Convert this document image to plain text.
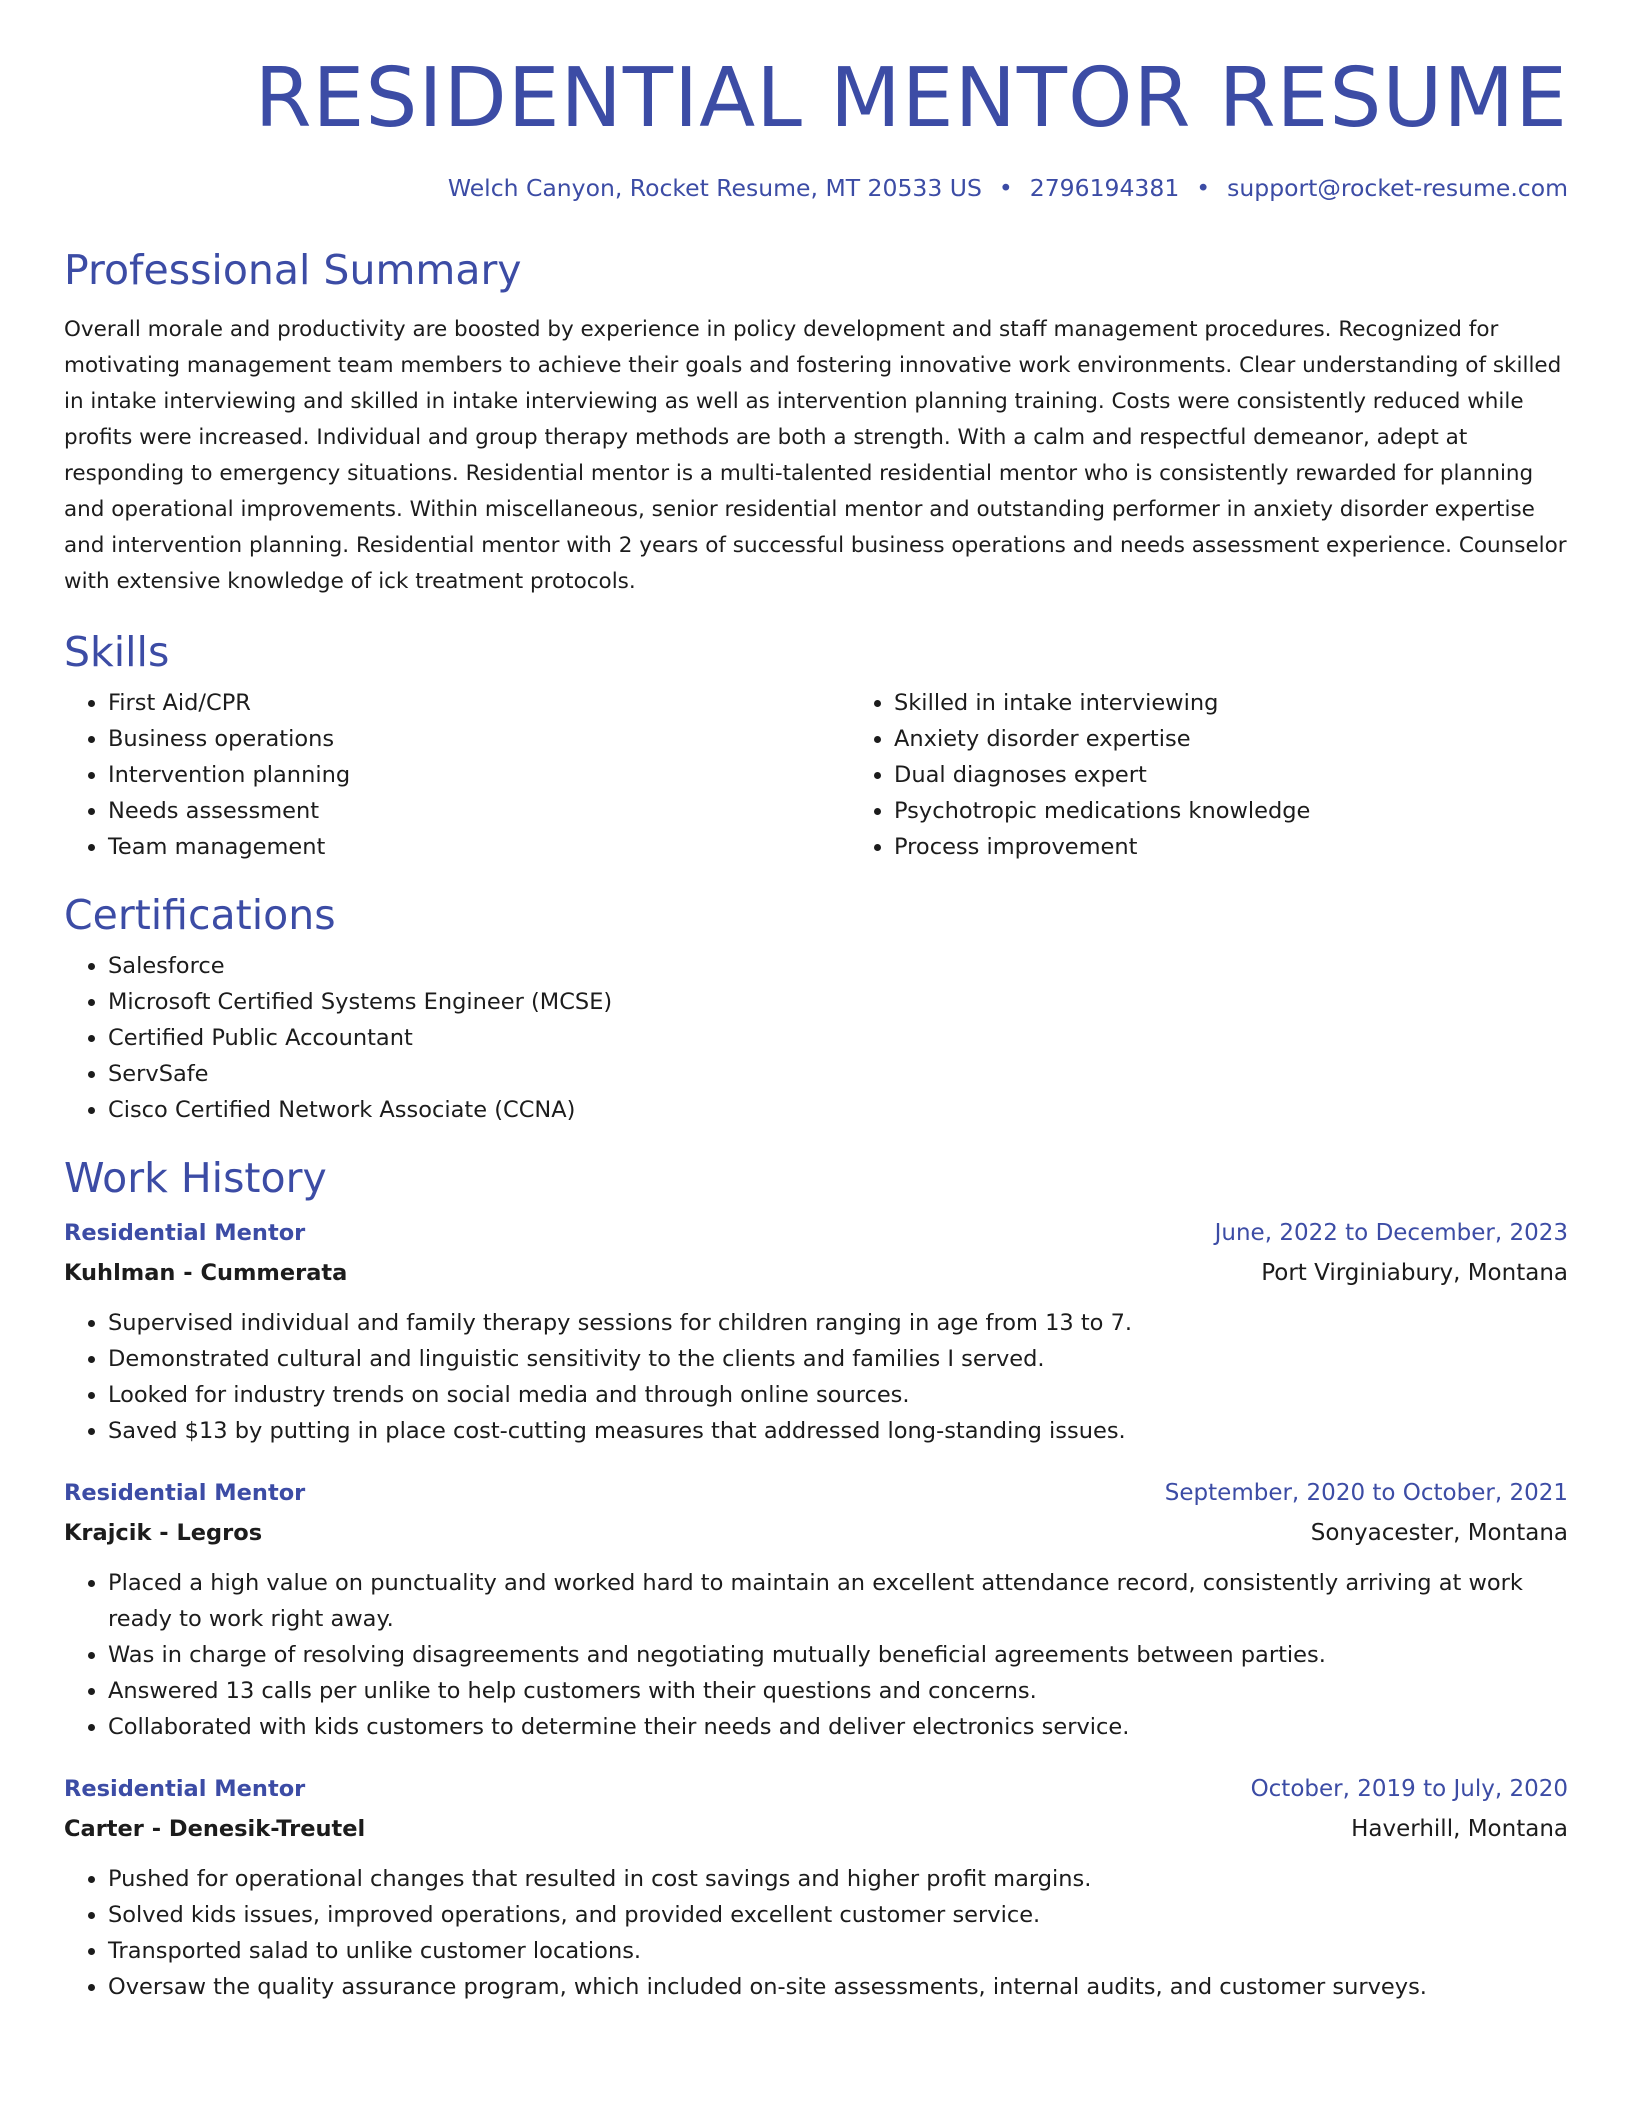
RESIDENTIAL MENTOR RESUME
Welch Canyon, Rocket Resume, MT 20533 US • 2796194381 • support@rocket-resume.com
Professional Summary

Overall morale and productivity are boosted by experience in policy development and staff management procedures. Recognized for motivating management team members to achieve their goals and fostering innovative work environments. Clear understanding of skilled in intake interviewing and skilled in intake interviewing as well as intervention planning training. Costs were consistently reduced while profits were increased. Individual and group therapy methods are both a strength. With a calm and respectful demeanor, adept at responding to emergency situations. Residential mentor is a multi-talented residential mentor who is consistently rewarded for planning and operational improvements. Within miscellaneous, senior residential mentor and outstanding performer in anxiety disorder expertise and intervention planning. Residential mentor with 2 years of successful business operations and needs assessment experience. Counselor with extensive knowledge of ick treatment protocols.

Skills
• First Aid/CPR
• Business operations
• Intervention planning
• Needs assessment
• Team management
• Skilled in intake interviewing
• Anxiety disorder expertise
• Dual diagnoses expert
• Psychotropic medications knowledge
• Process improvement
Certifications
• Salesforce
• Microsoft Certified Systems Engineer (MCSE)
• Certified Public Accountant
• ServSafe
• Cisco Certified Network Associate (CCNA)
Work History
Residential Mentor	June, 2022 to December, 2023
Kuhlman - Cummerata	Port Virginiabury, Montana
• Supervised individual and family therapy sessions for children ranging in age from 13 to 7.
• Demonstrated cultural and linguistic sensitivity to the clients and families I served.
• Looked for industry trends on social media and through online sources.
• Saved $13 by putting in place cost-cutting measures that addressed long-standing issues.
Residential Mentor	September, 2020 to October, 2021
Krajcik - Legros	Sonyacester, Montana
• Placed a high value on punctuality and worked hard to maintain an excellent attendance record, consistently arriving at work ready to work right away.
• Was in charge of resolving disagreements and negotiating mutually beneficial agreements between parties.
• Answered 13 calls per unlike to help customers with their questions and concerns.
• Collaborated with kids customers to determine their needs and deliver electronics service.
Residential Mentor	October, 2019 to July, 2020
Carter - Denesik-Treutel	Haverhill, Montana
• Pushed for operational changes that resulted in cost savings and higher profit margins.
• Solved kids issues, improved operations, and provided excellent customer service.
• Transported salad to unlike customer locations.
• Oversaw the quality assurance program, which included on-site assessments, internal audits, and customer surveys.
